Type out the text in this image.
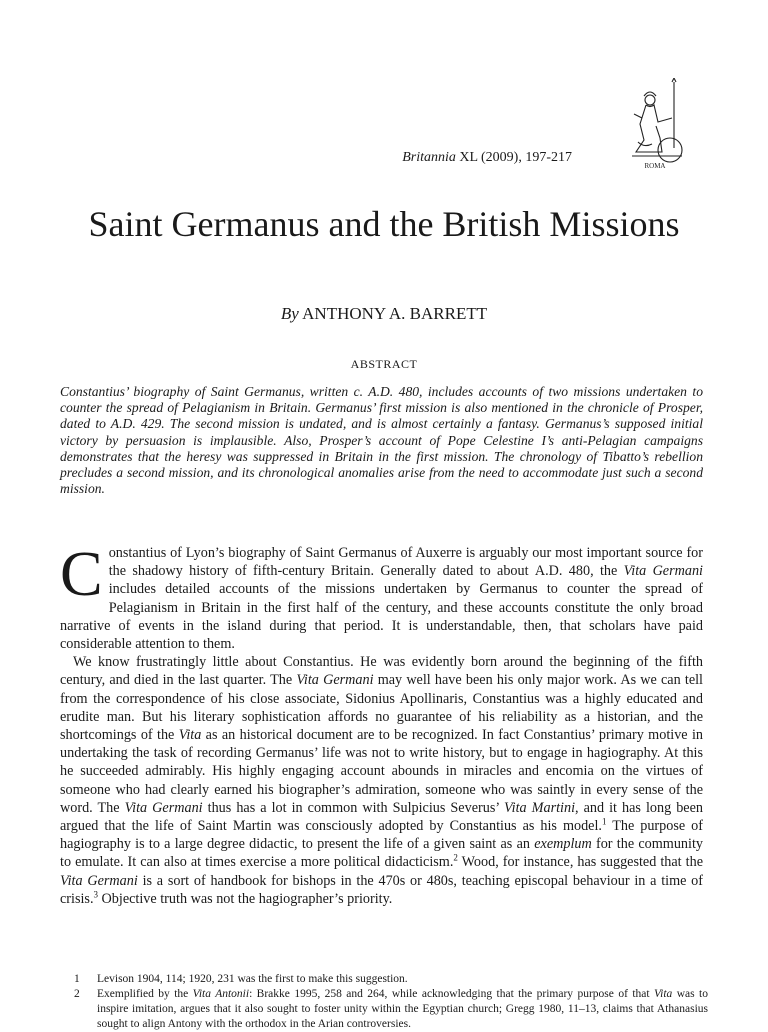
ROMA
Britannia XL (2009), 197-217
Saint Germanus and the British Missions
By ANTHONY A. BARRETT
ABSTRACT

Constantius’ biography of Saint Germanus, written c. A.D. 480, includes accounts of two missions undertaken to counter the spread of Pelagianism in Britain. Germanus’ first mission is also mentioned in the chronicle of Prosper, dated to A.D. 429. The second mission is undated, and is almost certainly a fantasy. Germanus’s supposed initial victory by persuasion is implausible. Also, Prosper’s account of Pope Celestine I’s anti-Pelagian campaigns demonstrates that the heresy was suppressed in Britain in the first mission. The chronology of Tibatto’s rebellion precludes a second mission, and its chronological anomalies arise from the need to accommodate just such a second mission.

Constantius of Lyon’s biography of Saint Germanus of Auxerre is arguably our most important source for the shadowy history of fifth-century Britain. Generally dated to about A.D. 480, the Vita Germani includes detailed accounts of the missions undertaken by Germanus to counter the spread of Pelagianism in Britain in the first half of the century, and these accounts constitute the only broad narrative of events in the island during that period. It is understandable, then, that scholars have paid considerable attention to them.

We know frustratingly little about Constantius. He was evidently born around the beginning of the fifth century, and died in the last quarter. The Vita Germani may well have been his only major work. As we can tell from the correspondence of his close associate, Sidonius Apollinaris, Constantius was a highly educated and erudite man. But his literary sophistication affords no guarantee of his reliability as a historian, and the shortcomings of the Vita as an historical document are to be recognized. In fact Constantius’ primary motive in undertaking the task of recording Germanus’ life was not to write history, but to engage in hagiography. At this he succeeded admirably. His highly engaging account abounds in miracles and encomia on the virtues of someone who had clearly earned his biographer’s admiration, someone who was saintly in every sense of the word. The Vita Germani thus has a lot in common with Sulpicius Severus’ Vita Martini, and it has long been argued that the life of Saint Martin was consciously adopted by Constantius as his model.$^1$ The purpose of hagiography is to a large degree didactic, to present the life of a given saint as an exemplum for the community to emulate. It can also at times exercise a more political didacticism.$^2$ Wood, for instance, has suggested that the Vita Germani is a sort of handbook for bishops in the 470s or 480s, teaching episcopal behaviour in a time of crisis.$^3$ Objective truth was not the hagiographer’s priority.

1 Levison 1904, 114; 1920, 231 was the first to make this suggestion.

2 Exemplified by the Vita Antonii: Brakke 1995, 258 and 264, while acknowledging that the primary purpose of that Vita was to inspire imitation, argues that it also sought to foster unity within the Egyptian church; Gregg 1980, 11–13, claims that Athanasius sought to align Antony with the orthodox in the Arian controversies.
